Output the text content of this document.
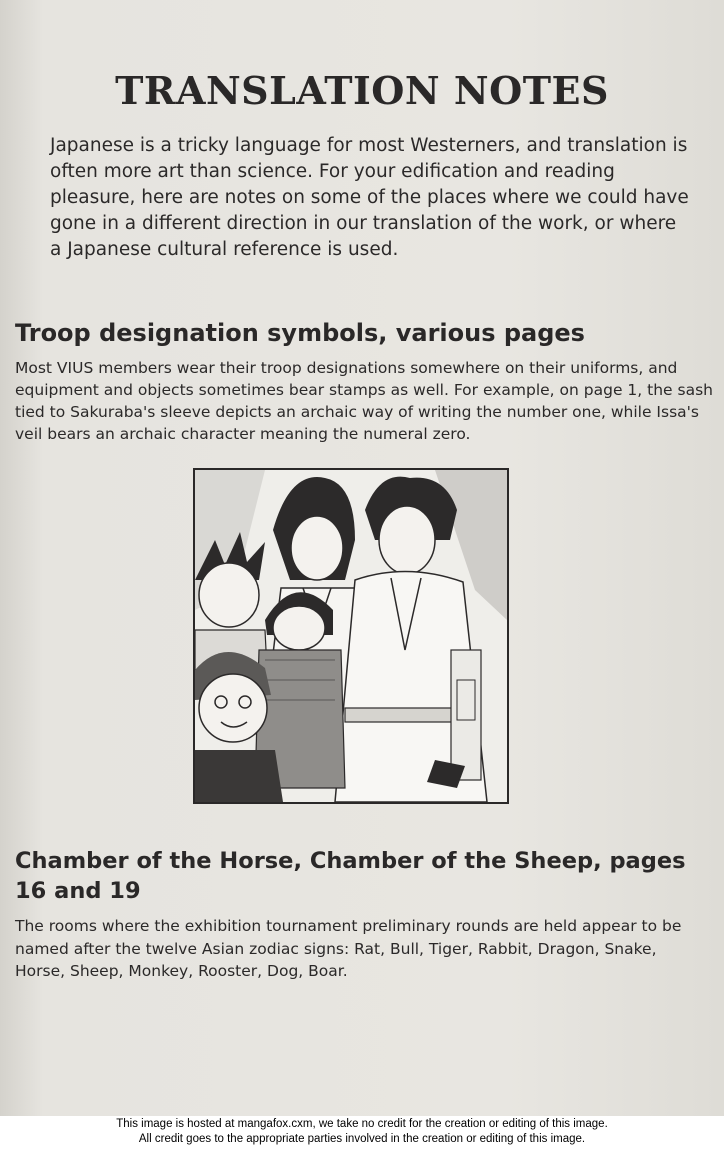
TRANSLATION NOTES

Japanese is a tricky language for most Westerners, and translation is often more art than science. For your edification and reading pleasure, here are notes on some of the places where we could have gone in a different direction in our translation of the work, or where a Japanese cultural reference is used.

Troop designation symbols, various pages

Most VIUS members wear their troop designations somewhere on their uniforms, and equipment and objects sometimes bear stamps as well. For example, on page 1, the sash tied to Sakuraba's sleeve depicts an archaic way of writing the number one, while Issa's veil bears an archaic character meaning the numeral zero.

Chamber of the Horse, Chamber of the Sheep, pages 16 and 19

The rooms where the exhibition tournament preliminary rounds are held appear to be named after the twelve Asian zodiac signs: Rat, Bull, Tiger, Rabbit, Dragon, Snake, Horse, Sheep, Monkey, Rooster, Dog, Boar.

This image is hosted at mangafox.cxm, we take no credit for the creation or editing of this image.
All credit goes to the appropriate parties involved in the creation or editing of this image.
